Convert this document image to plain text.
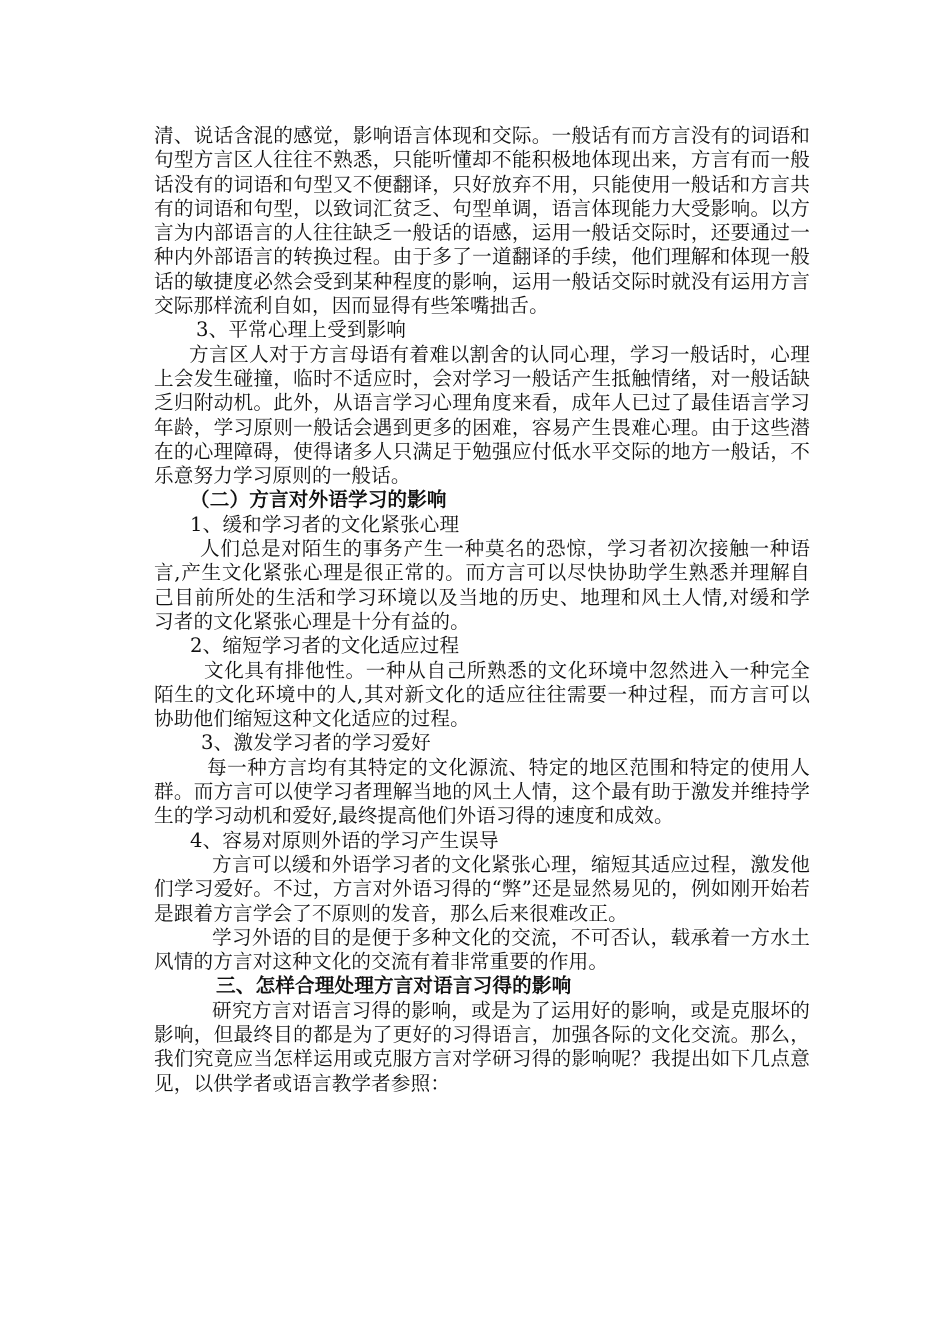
清、说话含混的感觉，影响语言体现和交际。一般话有而方言没有的词语和句型方言区人往往不熟悉，只能听懂却不能积极地体现出来，方言有而一般话没有的词语和句型又不便翻译，只好放弃不用，只能使用一般话和方言共有的词语和句型，以致词汇贫乏、句型单调，语言体现能力大受影响。以方言为内部语言的人往往缺乏一般话的语感，运用一般话交际时，还要通过一种内外部语言的转换过程。由于多了一道翻译的手续，他们理解和体现一般话的敏捷度必然会受到某种程度的影响，运用一般话交际时就没有运用方言交际那样流利自如，因而显得有些笨嘴拙舌。

3、平常心理上受到影响

方言区人对于方言母语有着难以割舍的认同心理，学习一般话时，心理上会发生碰撞，临时不适应时，会对学习一般话产生抵触情绪，对一般话缺乏归附动机。此外，从语言学习心理角度来看，成年人已过了最佳语言学习年龄，学习原则一般话会遇到更多的困难，容易产生畏难心理。由于这些潜在的心理障碍，使得诸多人只满足于勉强应付低水平交际的地方一般话，不乐意努力学习原则的一般话。

（二）方言对外语学习的影响

1、缓和学习者的文化紧张心理

人们总是对陌生的事务产生一种莫名的恐惊，学习者初次接触一种语言,产生文化紧张心理是很正常的。而方言可以尽快协助学生熟悉并理解自己目前所处的生活和学习环境以及当地的历史、地理和风土人情,对缓和学习者的文化紧张心理是十分有益的。

2、缩短学习者的文化适应过程

文化具有排他性。一种从自己所熟悉的文化环境中忽然进入一种完全陌生的文化环境中的人,其对新文化的适应往往需要一种过程，而方言可以协助他们缩短这种文化适应的过程。

3、激发学习者的学习爱好

每一种方言均有其特定的文化源流、特定的地区范围和特定的使用人群。而方言可以使学习者理解当地的风土人情，这个最有助于激发并维持学生的学习动机和爱好,最终提高他们外语习得的速度和成效。

4、容易对原则外语的学习产生误导

方言可以缓和外语学习者的文化紧张心理，缩短其适应过程，激发他们学习爱好。不过，方言对外语习得的“弊”还是显然易见的，例如刚开始若是跟着方言学会了不原则的发音，那么后来很难改正。

学习外语的目的是便于多种文化的交流，不可否认，载承着一方水土风情的方言对这种文化的交流有着非常重要的作用。

三、怎样合理处理方言对语言习得的影响

研究方言对语言习得的影响，或是为了运用好的影响，或是克服坏的影响，但最终目的都是为了更好的习得语言，加强各际的文化交流。那么，我们究竟应当怎样运用或克服方言对学研习得的影响呢？我提出如下几点意见，以供学者或语言教学者参照：
